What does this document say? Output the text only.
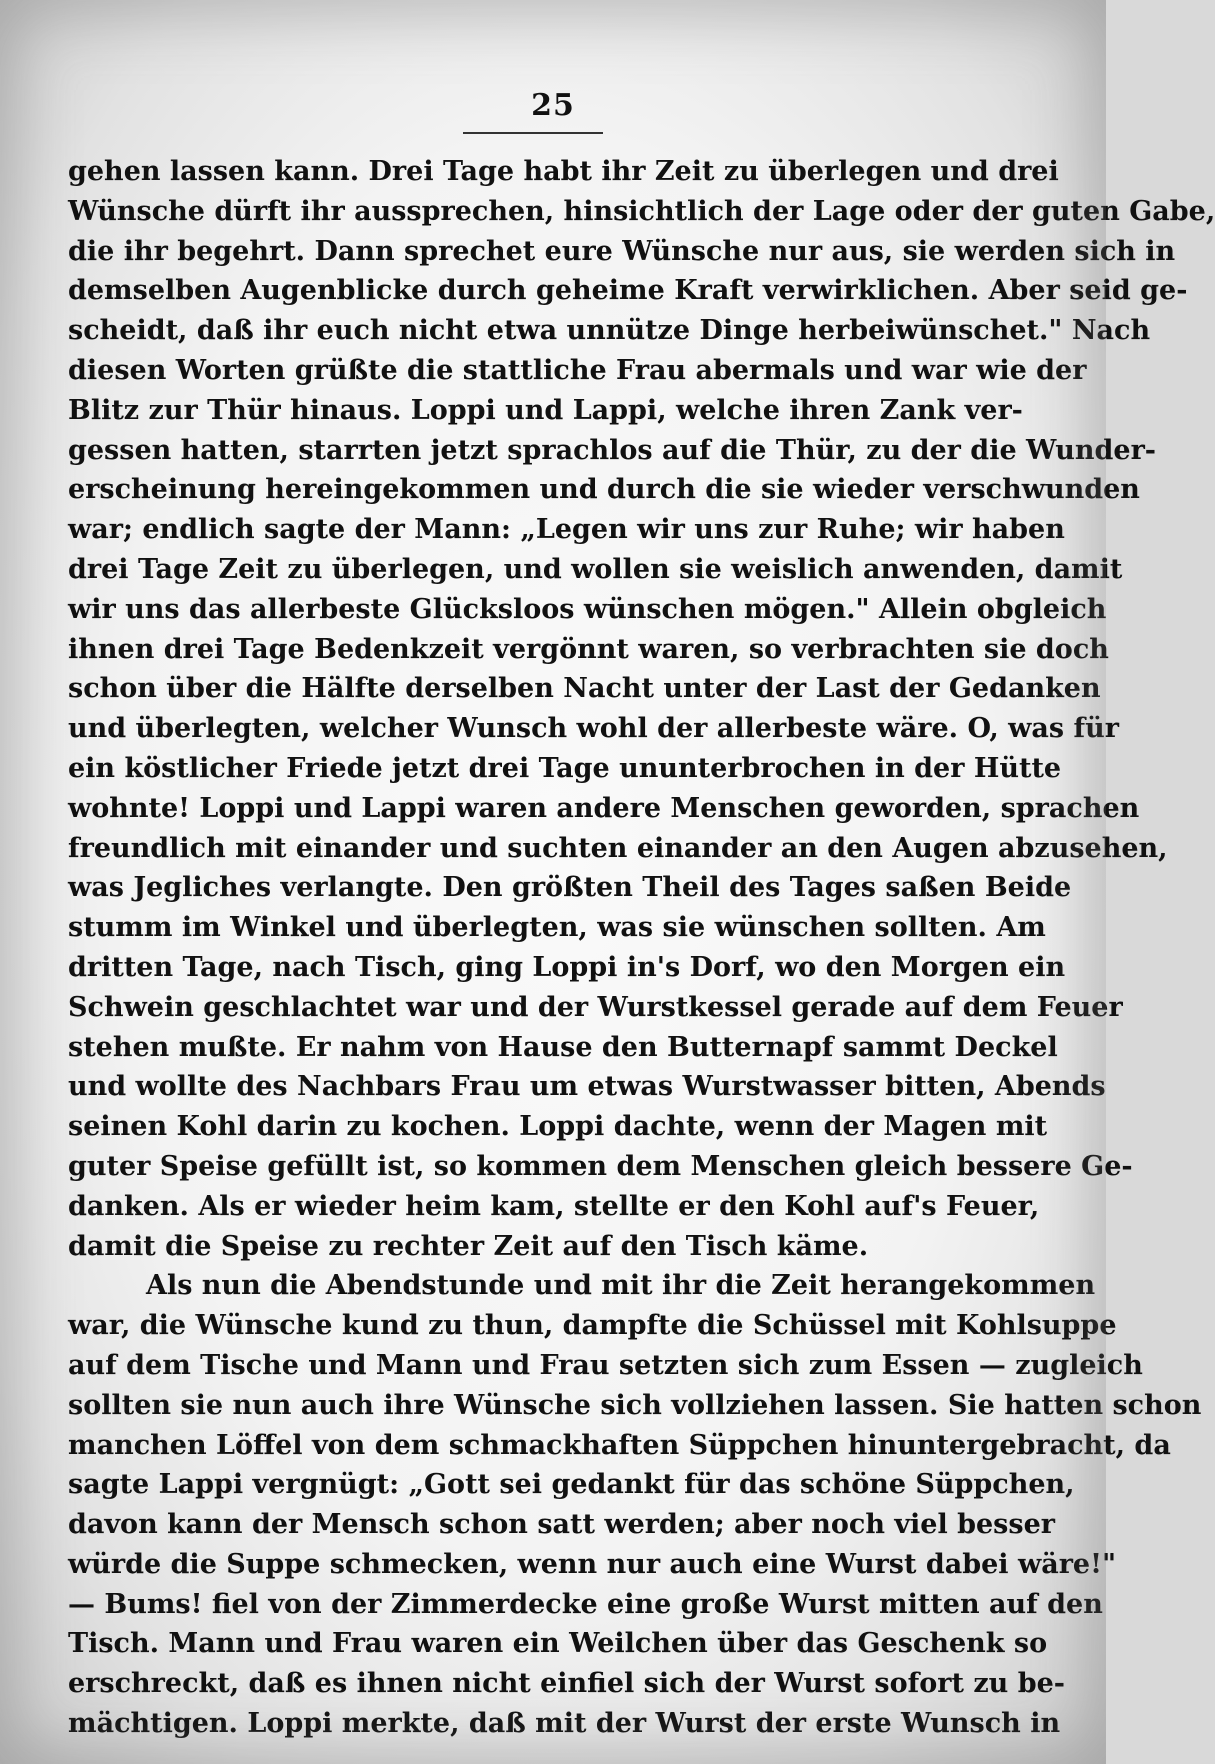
25
gehen lassen kann. Drei Tage habt ihr Zeit zu überlegen und drei
Wünsche dürft ihr aussprechen, hinsichtlich der Lage oder der guten Gabe,
die ihr begehrt. Dann sprechet eure Wünsche nur aus, sie werden sich in
demselben Augenblicke durch geheime Kraft verwirklichen. Aber seid ge-
scheidt, daß ihr euch nicht etwa unnütze Dinge herbeiwünschet." Nach
diesen Worten grüßte die stattliche Frau abermals und war wie der
Blitz zur Thür hinaus. Loppi und Lappi, welche ihren Zank ver-
gessen hatten, starrten jetzt sprachlos auf die Thür, zu der die Wunder-
erscheinung hereingekommen und durch die sie wieder verschwunden
war; endlich sagte der Mann: „Legen wir uns zur Ruhe; wir haben
drei Tage Zeit zu überlegen, und wollen sie weislich anwenden, damit
wir uns das allerbeste Glücksloos wünschen mögen." Allein obgleich
ihnen drei Tage Bedenkzeit vergönnt waren, so verbrachten sie doch
schon über die Hälfte derselben Nacht unter der Last der Gedanken
und überlegten, welcher Wunsch wohl der allerbeste wäre. O, was für
ein köstlicher Friede jetzt drei Tage ununterbrochen in der Hütte
wohnte! Loppi und Lappi waren andere Menschen geworden, sprachen
freundlich mit einander und suchten einander an den Augen abzusehen,
was Jegliches verlangte. Den größten Theil des Tages saßen Beide
stumm im Winkel und überlegten, was sie wünschen sollten. Am
dritten Tage, nach Tisch, ging Loppi in's Dorf, wo den Morgen ein
Schwein geschlachtet war und der Wurstkessel gerade auf dem Feuer
stehen mußte. Er nahm von Hause den Butternapf sammt Deckel
und wollte des Nachbars Frau um etwas Wurstwasser bitten, Abends
seinen Kohl darin zu kochen. Loppi dachte, wenn der Magen mit
guter Speise gefüllt ist, so kommen dem Menschen gleich bessere Ge-
danken. Als er wieder heim kam, stellte er den Kohl auf's Feuer,
damit die Speise zu rechter Zeit auf den Tisch käme.
Als nun die Abendstunde und mit ihr die Zeit herangekommen
war, die Wünsche kund zu thun, dampfte die Schüssel mit Kohlsuppe
auf dem Tische und Mann und Frau setzten sich zum Essen — zugleich
sollten sie nun auch ihre Wünsche sich vollziehen lassen. Sie hatten schon
manchen Löffel von dem schmackhaften Süppchen hinuntergebracht, da
sagte Lappi vergnügt: „Gott sei gedankt für das schöne Süppchen,
davon kann der Mensch schon satt werden; aber noch viel besser
würde die Suppe schmecken, wenn nur auch eine Wurst dabei wäre!"
— Bums! fiel von der Zimmerdecke eine große Wurst mitten auf den
Tisch. Mann und Frau waren ein Weilchen über das Geschenk so
erschreckt, daß es ihnen nicht einfiel sich der Wurst sofort zu be-
mächtigen. Loppi merkte, daß mit der Wurst der erste Wunsch in
